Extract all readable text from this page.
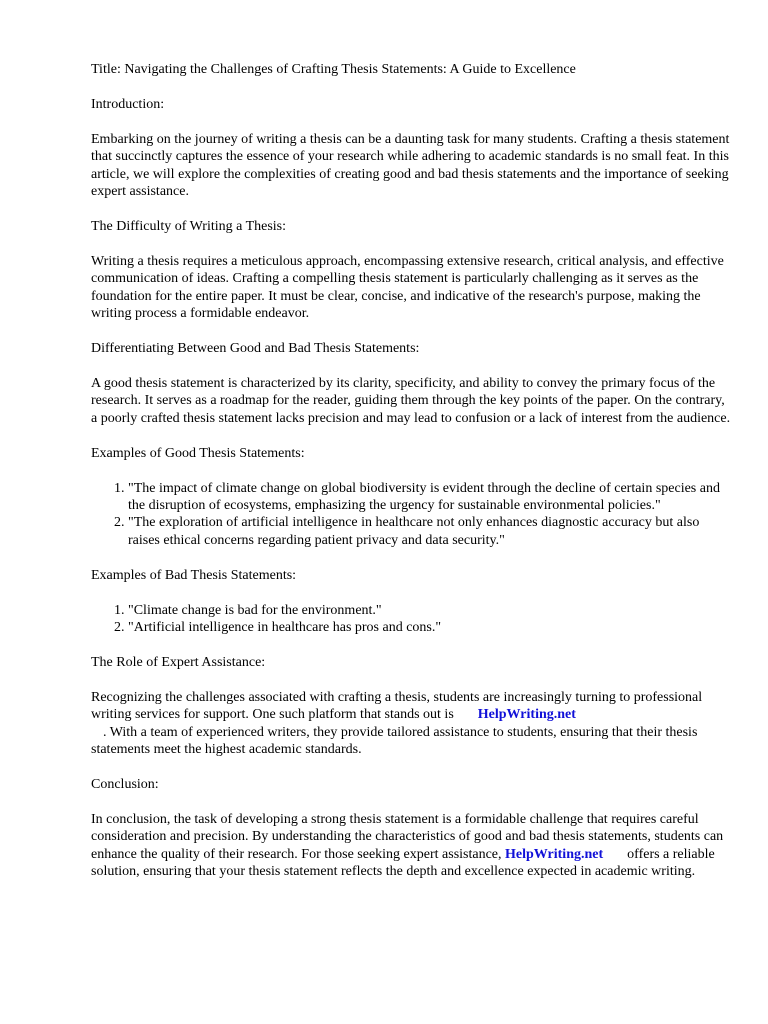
Title: Navigating the Challenges of Crafting Thesis Statements: A Guide to Excellence

Introduction:

Embarking on the journey of writing a thesis can be a daunting task for many students. Crafting a thesis statement that succinctly captures the essence of your research while adhering to academic standards is no small feat. In this article, we will explore the complexities of creating good and bad thesis statements and the importance of seeking expert assistance.

The Difficulty of Writing a Thesis:

Writing a thesis requires a meticulous approach, encompassing extensive research, critical analysis, and effective communication of ideas. Crafting a compelling thesis statement is particularly challenging as it serves as the foundation for the entire paper. It must be clear, concise, and indicative of the research's purpose, making the writing process a formidable endeavor.

Differentiating Between Good and Bad Thesis Statements:

A good thesis statement is characterized by its clarity, specificity, and ability to convey the primary focus of the research. It serves as a roadmap for the reader, guiding them through the key points of the paper. On the contrary, a poorly crafted thesis statement lacks precision and may lead to confusion or a lack of interest from the audience.

Examples of Good Thesis Statements:

1. "The impact of climate change on global biodiversity is evident through the decline of certain species and the disruption of ecosystems, emphasizing the urgency for sustainable environmental policies."
2. "The exploration of artificial intelligence in healthcare not only enhances diagnostic accuracy but also raises ethical concerns regarding patient privacy and data security."

Examples of Bad Thesis Statements:

1. "Climate change is bad for the environment."
2. "Artificial intelligence in healthcare has pros and cons."

The Role of Expert Assistance:

Recognizing the challenges associated with crafting a thesis, students are increasingly turning to professional writing services for support. One such platform that stands out is HelpWriting.net
. With a team of experienced writers, they provide tailored assistance to students, ensuring that their thesis statements meet the highest academic standards.

Conclusion:

In conclusion, the task of developing a strong thesis statement is a formidable challenge that requires careful consideration and precision. By understanding the characteristics of good and bad thesis statements, students can enhance the quality of their research. For those seeking expert assistance, HelpWriting.net offers a reliable solution, ensuring that your thesis statement reflects the depth and excellence expected in academic writing.
